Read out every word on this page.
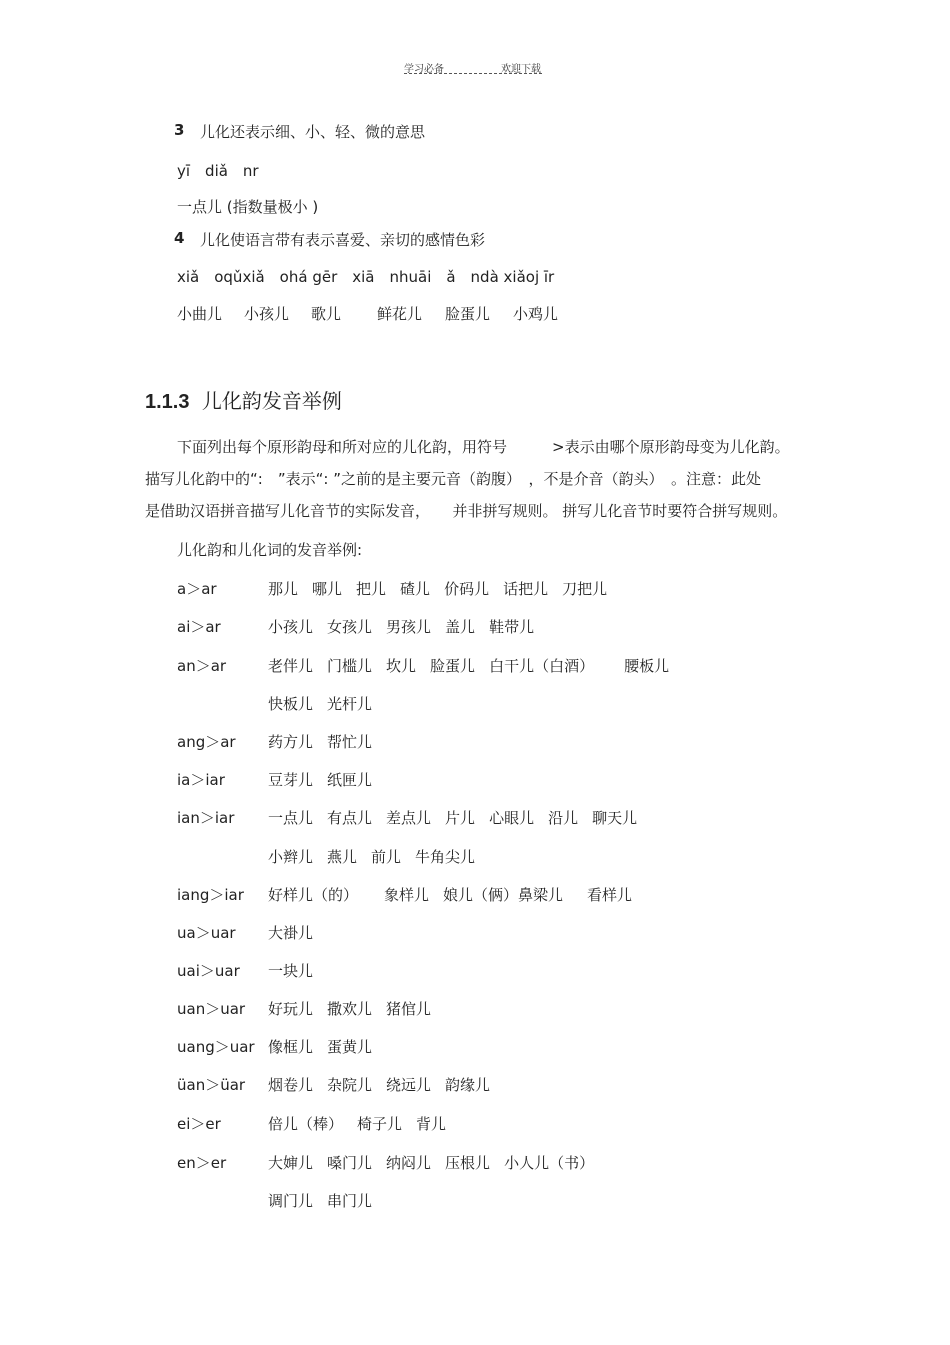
学习必备	欢迎下载
3 儿化还表示细、小、轻、微的意思
yī　diǎ　nr
一点儿 (指数量极小 )
4 儿化使语言带有表示喜爱、亲切的感情色彩
xiǎ　oqǔxiǎ　ohá gēr　xiā　nhuāi　ǎ　ndà xiǎoj īr
小曲儿 小孩儿 歌儿 鲜花儿 脸蛋儿 小鸡儿
1.1.3 儿化韵发音举例
下面列出每个原形韵母和所对应的儿化韵，用符号　　　>表示由哪个原形韵母变为儿化韵。
描写儿化韵中的“:　”表示“: ”之前的是主要元音（韵腹）　，不是介音（韵头）　。注意：此处
是借助汉语拼音描写儿化音节的实际发音，　　并非拼写规则。 拼写儿化音节时要符合拼写规则。
儿化韵和儿化词的发音举例:
a＞ar	那儿 哪儿 把儿 碴儿 价码儿 话把儿 刀把儿
ai＞ar	小孩儿 女孩儿 男孩儿 盖儿 鞋带儿
an＞ar	老伴儿 门槛儿 坎儿 脸蛋儿 白干儿（白酒） 腰板儿
快板儿 光杆儿
ang＞ar 药方儿 帮忙儿
ia＞iar	豆芽儿 纸匣儿
ian＞iar 一点儿 有点儿 差点儿 片儿 心眼儿 沿儿 聊天儿
小辫儿 燕儿 前儿 牛角尖儿
iang＞iar 好样儿（的） 象样儿 娘儿（俩）鼻梁儿 看样儿
ua＞uar 大褂儿
uai＞uar 一块儿
uan＞uar 好玩儿 撒欢儿 猪倌儿
uang＞uar 像框儿 蛋黄儿
üan＞üar 烟卷儿 杂院儿 绕远儿 韵缘儿
ei＞er	倍儿（棒） 椅子儿 背儿
en＞er	大婶儿 嗓门儿 纳闷儿 压根儿 小人儿（书）
调门儿 串门儿
